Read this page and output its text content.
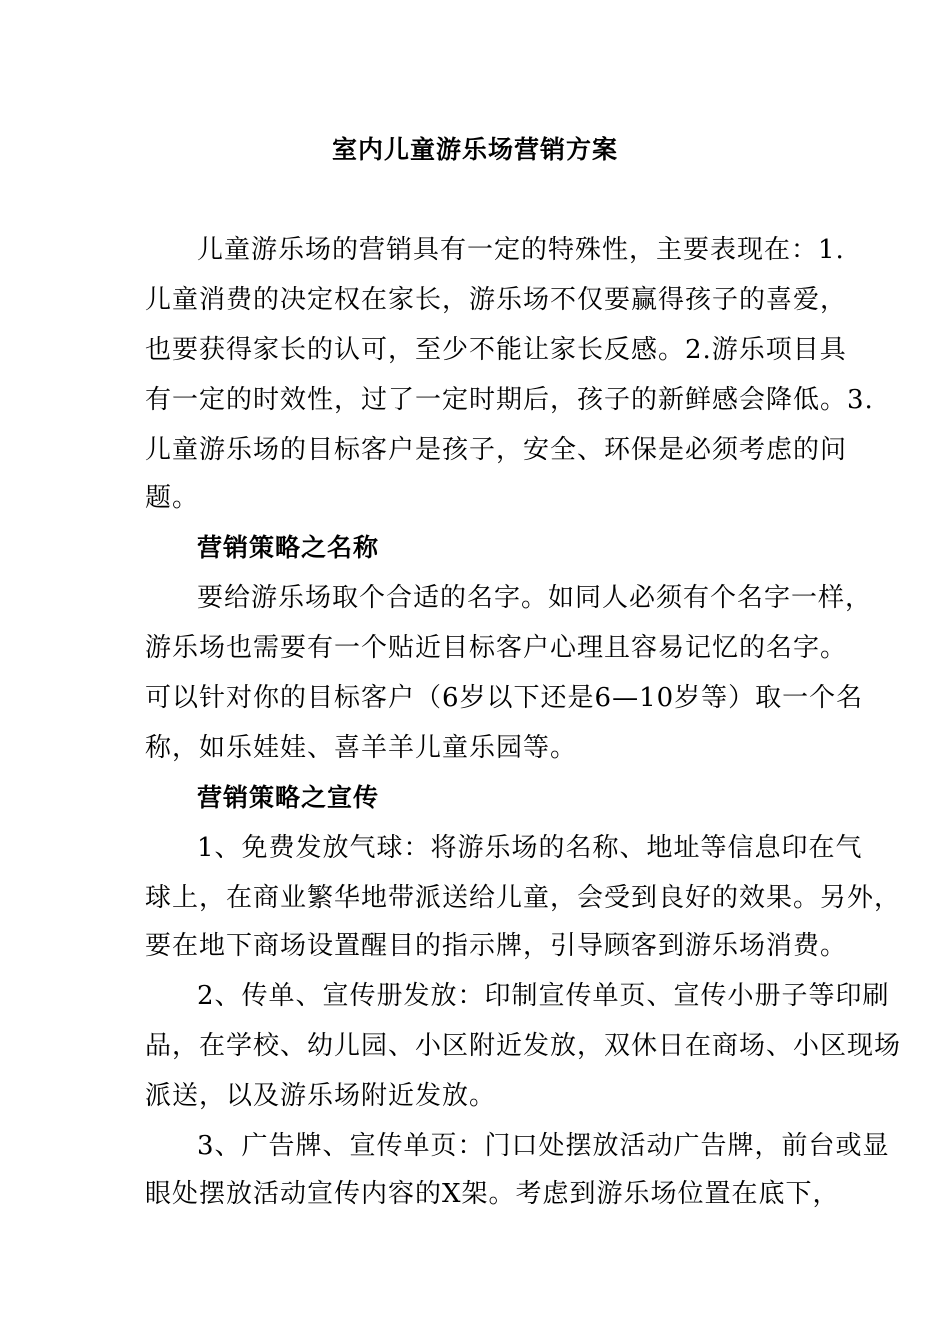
室内儿童游乐场营销方案
儿童游乐场的营销具有一定的特殊性，主要表现在：1.
儿童消费的决定权在家长，游乐场不仅要赢得孩子的喜爱，
也要获得家长的认可，至少不能让家长反感。2.游乐项目具
有一定的时效性，过了一定时期后，孩子的新鲜感会降低。3.
儿童游乐场的目标客户是孩子，安全、环保是必须考虑的问
题。
营销策略之名称
要给游乐场取个合适的名字。如同人必须有个名字一样，
游乐场也需要有一个贴近目标客户心理且容易记忆的名字。
可以针对你的目标客户（6岁以下还是6—10岁等）取一个名
称，如乐娃娃、喜羊羊儿童乐园等。
营销策略之宣传
1、免费发放气球：将游乐场的名称、地址等信息印在气
球上，在商业繁华地带派送给儿童，会受到良好的效果。另外，
要在地下商场设置醒目的指示牌，引导顾客到游乐场消费。
2、传单、宣传册发放：印制宣传单页、宣传小册子等印刷
品，在学校、幼儿园、小区附近发放，双休日在商场、小区现场
派送，以及游乐场附近发放。
3、广告牌、宣传单页：门口处摆放活动广告牌，前台或显
眼处摆放活动宣传内容的X架。考虑到游乐场位置在底下，
